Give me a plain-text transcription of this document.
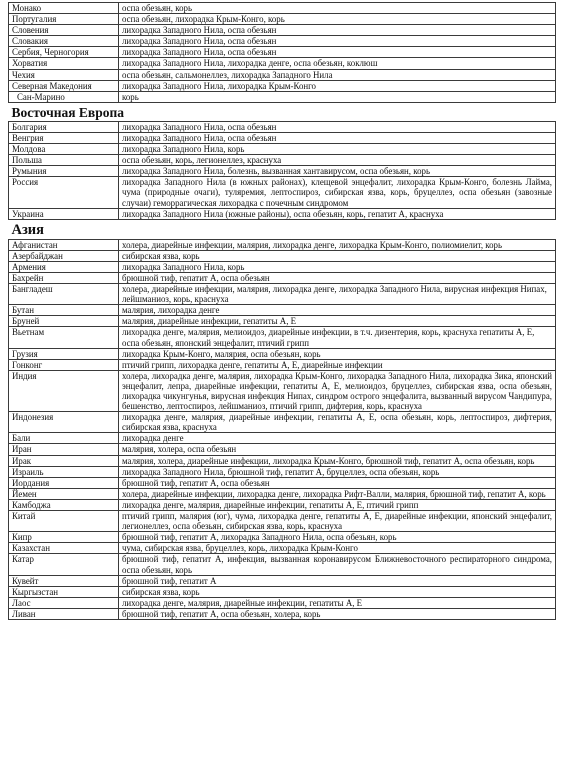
Монако	оспа обезьян, корь
Португалия	оспа обезьян, лихорадка Крым-Конго, корь
Словения	лихорадка Западного Нила, оспа обезьян
Словакия	лихорадка Западного Нила, оспа обезьян
Сербия, Черногория	лихорадка Западного Нила, оспа обезьян
Хорватия	лихорадка Западного Нила, лихорадка денге, оспа обезьян, коклюш
Чехия	оспа обезьян, сальмонеллез, лихорадка Западного Нила
Северная Македония	лихорадка Западного Нила, лихорадка Крым-Конго
Сан-Марино	корь
Восточная Европа	
Болгария	лихорадка Западного Нила, оспа обезьян
Венгрия	лихорадка Западного Нила, оспа обезьян
Молдова	лихорадка Западного Нила, корь
Польша	оспа обезьян, корь, легионеллез, краснуха
Румыния	лихорадка Западного Нила, болезнь, вызванная хантавирусом, оспа обезьян, корь
Россия	лихорадка Западного Нила (в южных районах), клещевой энцефалит, лихорадка Крым-Конго, болезнь Лайма, чума (природные очаги), туляремия, лептоспироз, сибирская язва, корь, бруцеллез, оспа обезьян (завозные случаи) геморрагическая лихорадка с почечным синдромом
Украина	лихорадка Западного Нила (южные районы), оспа обезьян, корь, гепатит А, краснуха
Азия	
Афганистан	холера, диарейные инфекции, малярия, лихорадка денге, лихорадка Крым-Конго, полиомиелит, корь
Азербайджан	сибирская язва, корь
Армения	лихорадка Западного Нила, корь
Бахрейн	брюшной тиф, гепатит А, оспа обезьян
Бангладеш	холера, диарейные инфекции, малярия, лихорадка денге, лихорадка Западного Нила, вирусная инфекция Нипах, лейшманиоз, корь, краснуха
Бутан	малярия, лихорадка денге
Бруней	малярия, диарейные инфекции, гепатиты А, Е
Вьетнам	лихорадка денге, малярия, мелиоидоз, диарейные инфекции, в т.ч. дизентерия, корь, краснуха гепатиты А, Е, оспа обезьян, японский энцефалит, птичий грипп
Грузия	лихорадка Крым-Конго, малярия, оспа обезьян, корь
Гонконг	птичий грипп, лихорадка денге, гепатиты А, Е, диарейные инфекции
Индия	холера, лихорадка денге, малярия, лихорадка Крым-Конго, лихорадка Западного Нила, лихорадка Зика, японский энцефалит, лепра, диарейные инфекции, гепатиты А, Е, мелиоидоз, бруцеллез, сибирская язва, оспа обезьян, лихорадка чикунгунья, вирусная инфекция Нипах, синдром острого энцефалита, вызванный вирусом Чандипура, бешенство, лептоспироз, лейшманиоз, птичий грипп, дифтерия, корь, краснуха
Индонезия	лихорадка денге, малярия, диарейные инфекции, гепатиты А, Е, оспа обезьян, корь, лептоспироз, дифтерия, сибирская язва, краснуха
Бали	лихорадка денге
Иран	малярия, холера, оспа обезьян
Ирак	малярия, холера, диарейные инфекции, лихорадка Крым-Конго, брюшной тиф, гепатит А, оспа обезьян, корь
Израиль	лихорадка Западного Нила, брюшной тиф, гепатит А, бруцеллез, оспа обезьян, корь
Иордания	брюшной тиф, гепатит А, оспа обезьян
Йемен	холера, диарейные инфекции, лихорадка денге, лихорадка Рифт-Валли, малярия, брюшной тиф, гепатит А, корь
Камбоджа	лихорадка денге, малярия, диарейные инфекции, гепатиты А, Е, птичий грипп
Китай	птичий грипп, малярия (юг), чума, лихорадка денге, гепатиты А, Е, диарейные инфекции, японский энцефалит, легионеллез, оспа обезьян, сибирская язва, корь, краснуха
Кипр	брюшной тиф, гепатит А, лихорадка Западного Нила, оспа обезьян, корь
Казахстан	чума, сибирская язва, бруцеллез, корь, лихорадка Крым-Конго
Катар	брюшной тиф, гепатит А, инфекция, вызванная коронавирусом Ближневосточного респираторного синдрома, оспа обезьян, корь
Кувейт	брюшной тиф, гепатит А
Кыргызстан	сибирская язва, корь
Лаос	лихорадка денге, малярия, диарейные инфекции, гепатиты А, Е
Ливан	брюшной тиф, гепатит А, оспа обезьян, холера, корь
